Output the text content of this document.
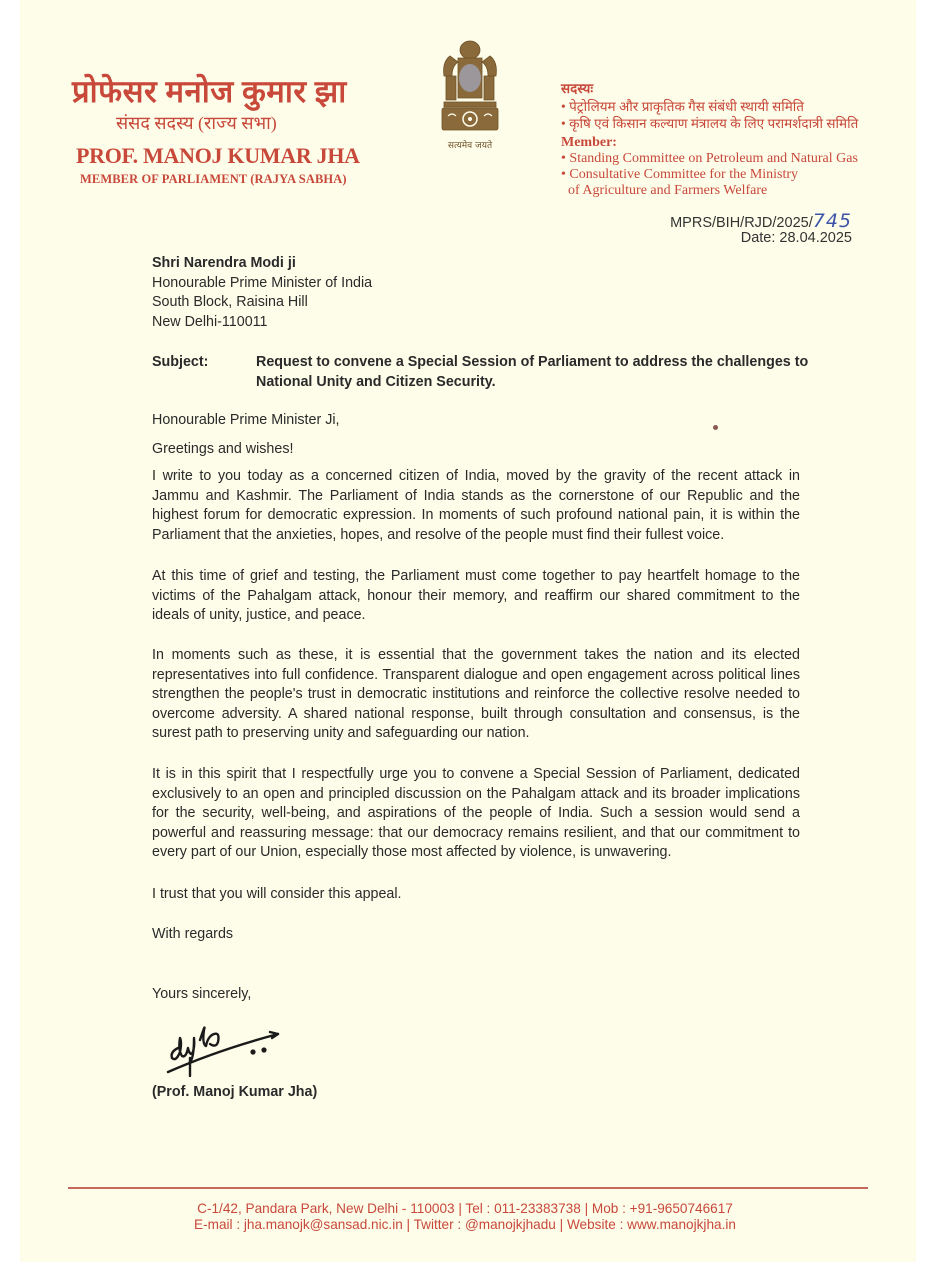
प्रोफेसर मनोज कुमार झा
संसद सदस्य (राज्य सभा)
PROF. MANOJ KUMAR JHA
MEMBER OF PARLIAMENT (RAJYA SABHA)
सत्यमेव जयते
सदस्यः
• पेट्रोलियम और प्राकृतिक गैस संबंधी स्थायी समिति
• कृषि एवं किसान कल्याण मंत्रालय के लिए परामर्शदात्री समिति
Member:
• Standing Committee on Petroleum and Natural Gas
• Consultative Committee for the Ministry
of Agriculture and Farmers Welfare
MPRS/BIH/RJD/2025/745
Date: 28.04.2025
Shri Narendra Modi ji
Honourable Prime Minister of India
South Block, Raisina Hill
New Delhi-110011
Subject:	Request to convene a Special Session of Parliament to address the challenges to National Unity and Citizen Security.
Honourable Prime Minister Ji,
Greetings and wishes!
I write to you today as a concerned citizen of India, moved by the gravity of the recent attack in Jammu and Kashmir. The Parliament of India stands as the cornerstone of our Republic and the highest forum for democratic expression. In moments of such profound national pain, it is within the Parliament that the anxieties, hopes, and resolve of the people must find their fullest voice.
At this time of grief and testing, the Parliament must come together to pay heartfelt homage to the victims of the Pahalgam attack, honour their memory, and reaffirm our shared commitment to the ideals of unity, justice, and peace.
In moments such as these, it is essential that the government takes the nation and its elected representatives into full confidence. Transparent dialogue and open engagement across political lines strengthen the people's trust in democratic institutions and reinforce the collective resolve needed to overcome adversity. A shared national response, built through consultation and consensus, is the surest path to preserving unity and safeguarding our nation.
It is in this spirit that I respectfully urge you to convene a Special Session of Parliament, dedicated exclusively to an open and principled discussion on the Pahalgam attack and its broader implications for the security, well-being, and aspirations of the people of India. Such a session would send a powerful and reassuring message: that our democracy remains resilient, and that our commitment to every part of our Union, especially those most affected by violence, is unwavering.
I trust that you will consider this appeal.
With regards
Yours sincerely,
(Prof. Manoj Kumar Jha)
C-1/42, Pandara Park, New Delhi - 110003 | Tel : 011-23383738 | Mob : +91-9650746617
E-mail : jha.manojk@sansad.nic.in | Twitter : @manojkjhadu | Website : www.manojkjha.in
